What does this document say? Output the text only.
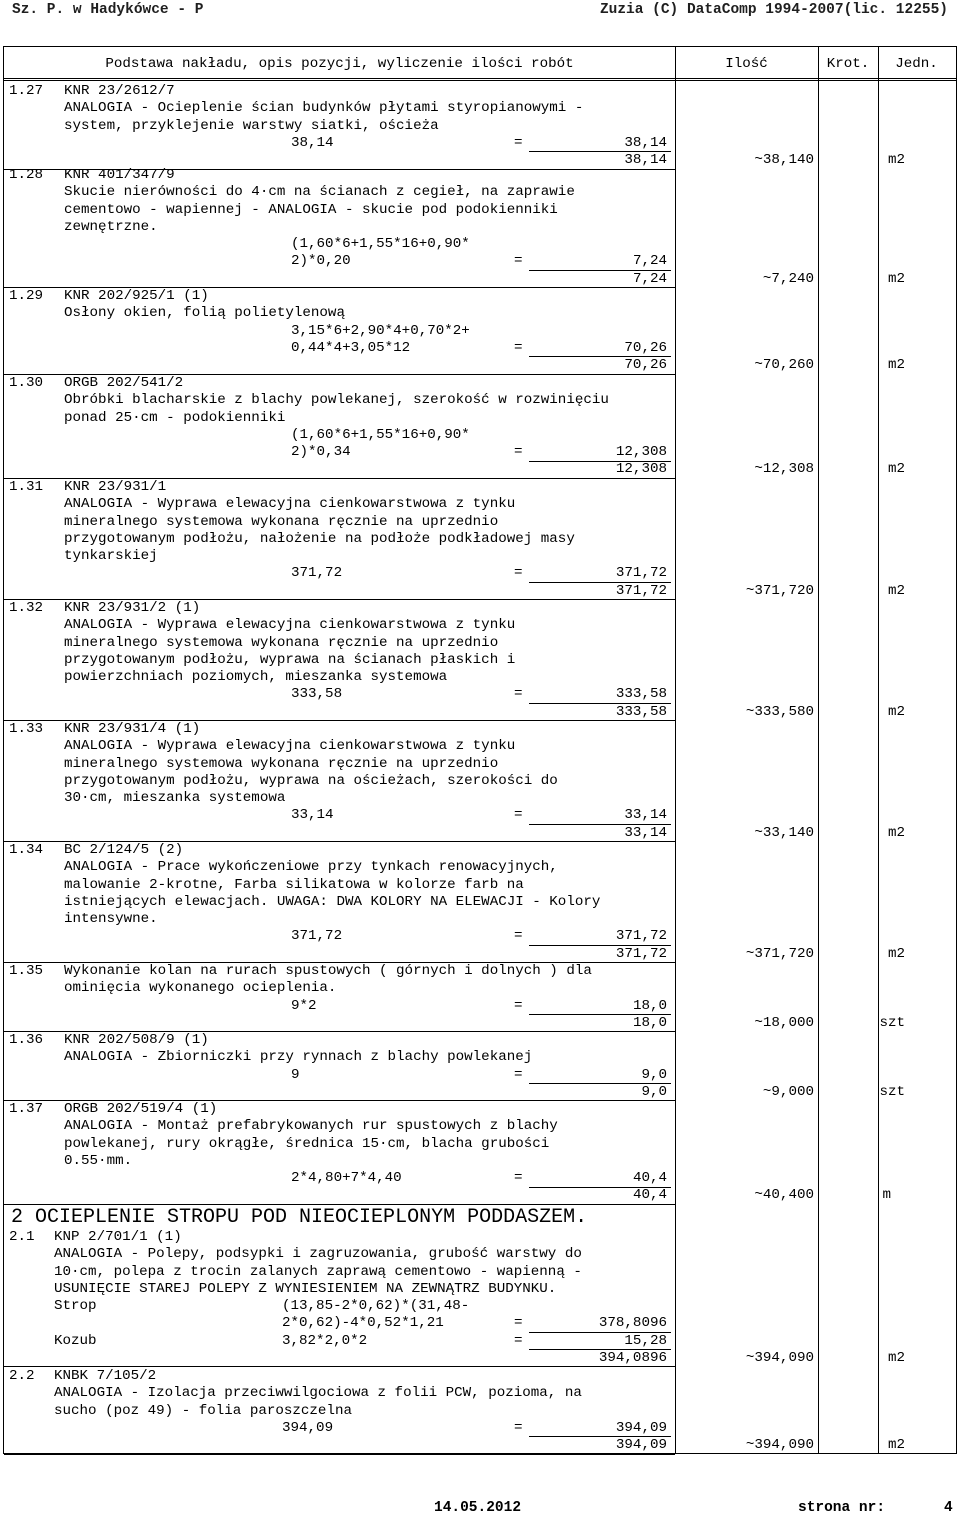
Sz. P. w Hadykówce - P	Zuzia (C) DataComp 1994-2007(lic. 12255)
Podstawa nakładu, opis pozycji, wyliczenie ilości robót	Ilość	Krot.	Jedn.
1.27 KNR 23/2612/7
ANALOGIA - Ocieplenie ścian budynków płytami styropianowymi -
system, przyklejenie warstwy siatki, ościeża
38,14	=	38,14
38,14	~38,140	m2
1.28 KNR 401/347/9
Skucie nierówności do 4·cm na ścianach z cegieł, na zaprawie
cementowo - wapiennej - ANALOGIA - skucie pod podokienniki
zewnętrzne.
(1,60*6+1,55*16+0,90*
2)*0,20	=	7,24
7,24	~7,240	m2
1.29 KNR 202/925/1 (1)
Osłony okien, folią polietylenową
3,15*6+2,90*4+0,70*2+
0,44*4+3,05*12	=	70,26
70,26	~70,260	m2
1.30 ORGB 202/541/2
Obróbki blacharskie z blachy powlekanej, szerokość w rozwinięciu
ponad 25·cm - podokienniki
(1,60*6+1,55*16+0,90*
2)*0,34	=	12,308
12,308	~12,308	m2
1.31 KNR 23/931/1
ANALOGIA - Wyprawa elewacyjna cienkowarstwowa z tynku
mineralnego systemowa wykonana ręcznie na uprzednio
przygotowanym podłożu, nałożenie na podłoże podkładowej masy
tynkarskiej
371,72	=	371,72
371,72	~371,720	m2
1.32 KNR 23/931/2 (1)
ANALOGIA - Wyprawa elewacyjna cienkowarstwowa z tynku
mineralnego systemowa wykonana ręcznie na uprzednio
przygotowanym podłożu, wyprawa na ścianach płaskich i
powierzchniach poziomych, mieszanka systemowa
333,58	=	333,58
333,58	~333,580	m2
1.33 KNR 23/931/4 (1)
ANALOGIA - Wyprawa elewacyjna cienkowarstwowa z tynku
mineralnego systemowa wykonana ręcznie na uprzednio
przygotowanym podłożu, wyprawa na ościeżach, szerokości do
30·cm, mieszanka systemowa
33,14	=	33,14
33,14	~33,140	m2
1.34 BC 2/124/5 (2)
ANALOGIA - Prace wykończeniowe przy tynkach renowacyjnych,
malowanie 2-krotne, Farba silikatowa w kolorze farb na
istniejących elewacjach. UWAGA: DWA KOLORY NA ELEWACJI - Kolory
intensywne.
371,72	=	371,72
371,72	~371,720	m2
1.35 Wykonanie kolan na rurach spustowych ( górnych i dolnych ) dla
ominięcia wykonanego ocieplenia.
9*2	=	18,0
18,0	~18,000	szt
1.36 KNR 202/508/9 (1)
ANALOGIA - Zbiorniczki przy rynnach z blachy powlekanej
9	=	9,0
9,0	~9,000	szt
1.37 ORGB 202/519/4 (1)
ANALOGIA - Montaż prefabrykowanych rur spustowych z blachy
powlekanej, rury okrągłe, średnica 15·cm, blacha grubości
0.55·mm.
2*4,80+7*4,40	=	40,4
40,4	~40,400	m
2.1 KNP 2/701/1 (1)
ANALOGIA - Polepy, podsypki i zagruzowania, grubość warstwy do
10·cm, polepa z trocin zalanych zaprawą cementowo - wapienną -
USUNIĘCIE STAREJ POLEPY Z WYNIESIENIEM NA ZEWNĄTRZ BUDYNKU.
Strop	(13,85-2*0,62)*(31,48-
2*0,62)-4*0,52*1,21	=	378,8096
Kozub	3,82*2,0*2	=	15,28
394,0896	~394,090	m2
2.2 KNBK 7/105/2
ANALOGIA - Izolacja przeciwwilgociowa z folii PCW, pozioma, na
sucho (poz 49) - folia paroszczelna
394,09	=	394,09
394,09	~394,090	m2
2 OCIEPLENIE STROPU POD NIEOCIEPLONYM PODDASZEM.
14.05.2012	strona nr:	4
